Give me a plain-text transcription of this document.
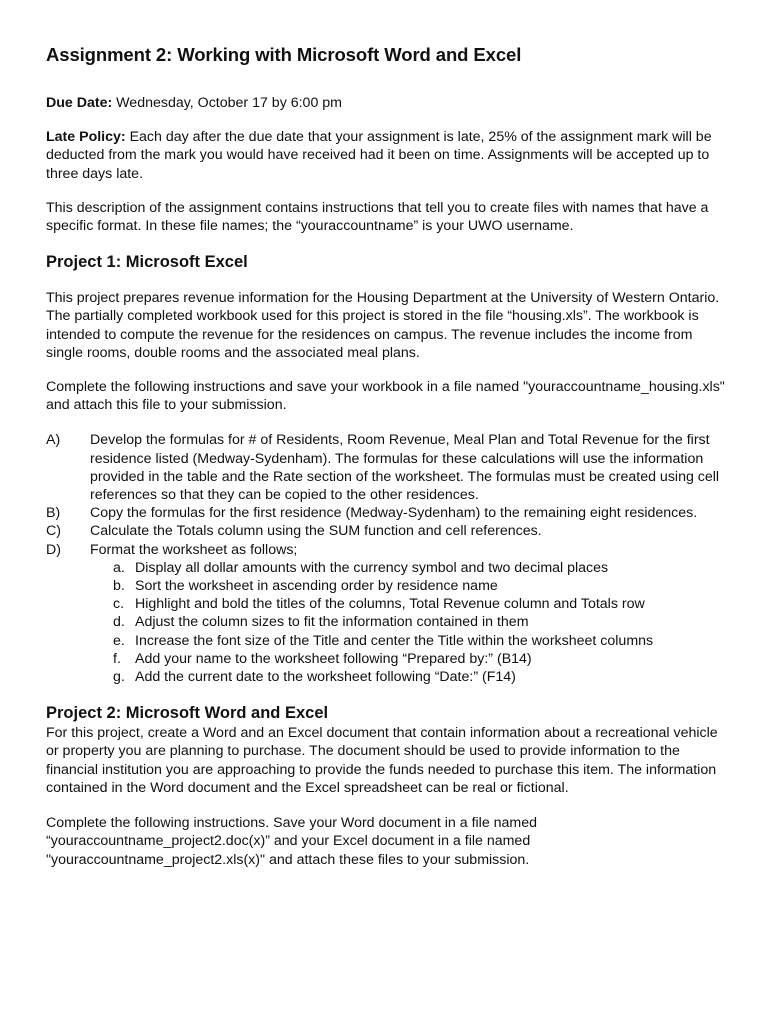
Assignment 2: Working with Microsoft Word and Excel

Due Date: Wednesday, October 17 by 6:00 pm

Late Policy: Each day after the due date that your assignment is late, 25% of the assignment mark will be deducted from the mark you would have received had it been on time. Assignments will be accepted up to three days late.

This description of the assignment contains instructions that tell you to create files with names that have a specific format. In these file names; the “youraccountname” is your UWO username.

Project 1: Microsoft Excel

This project prepares revenue information for the Housing Department at the University of Western Ontario. The partially completed workbook used for this project is stored in the file “housing.xls”. The workbook is intended to compute the revenue for the residences on campus. The revenue includes the income from single rooms, double rooms and the associated meal plans.

Complete the following instructions and save your workbook in a file named "youraccountname_housing.xls" and attach this file to your submission.

A)	Develop the formulas for # of Residents, Room Revenue, Meal Plan and Total Revenue for the first residence listed (Medway-Sydenham). The formulas for these calculations will use the information provided in the table and the Rate section of the worksheet. The formulas must be created using cell references so that they can be copied to the other residences.
B)	Copy the formulas for the first residence (Medway-Sydenham) to the remaining eight residences.
C)	Calculate the Totals column using the SUM function and cell references.
D)	Format the worksheet as follows;
a. Display all dollar amounts with the currency symbol and two decimal places
b. Sort the worksheet in ascending order by residence name
c. Highlight and bold the titles of the columns, Total Revenue column and Totals row
d. Adjust the column sizes to fit the information contained in them
e. Increase the font size of the Title and center the Title within the worksheet columns
f. Add your name to the worksheet following “Prepared by:” (B14)
g. Add the current date to the worksheet following “Date:” (F14)
Project 2: Microsoft Word and Excel

For this project, create a Word and an Excel document that contain information about a recreational vehicle or property you are planning to purchase. The document should be used to provide information to the financial institution you are approaching to provide the funds needed to purchase this item. The information contained in the Word document and the Excel spreadsheet can be real or fictional.

Complete the following instructions. Save your Word document in a file named “youraccountname_project2.doc(x)” and your Excel document in a file named "youraccountname_project2.xls(x)" and attach these files to your submission.
